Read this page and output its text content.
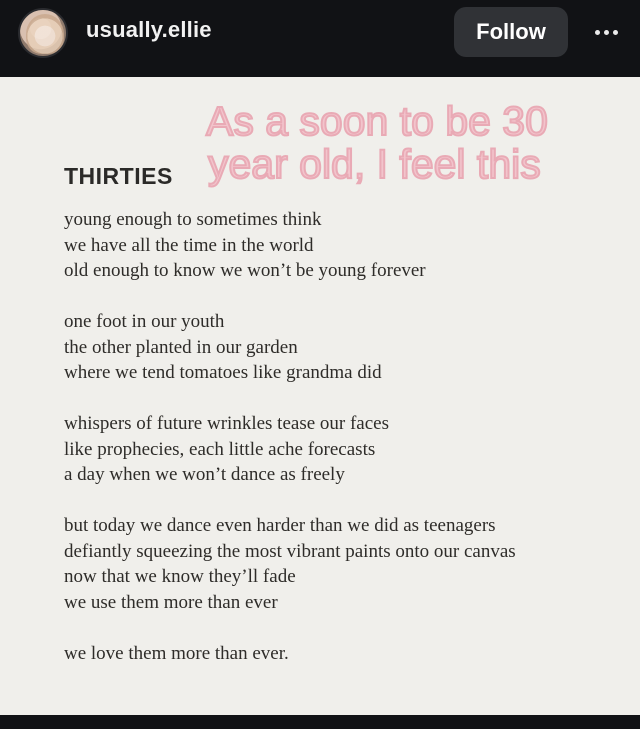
usually.ellie	Follow
As a soon to be 30
year old, I feel this
THIRTIES
young enough to sometimes think
we have all the time in the world
old enough to know we won’t be young forever
one foot in our youth
the other planted in our garden
where we tend tomatoes like grandma did
whispers of future wrinkles tease our faces
like prophecies, each little ache forecasts
a day when we won’t dance as freely
but today we dance even harder than we did as teenagers
defiantly squeezing the most vibrant paints onto our canvas
now that we know they’ll fade
we use them more than ever
we love them more than ever.
